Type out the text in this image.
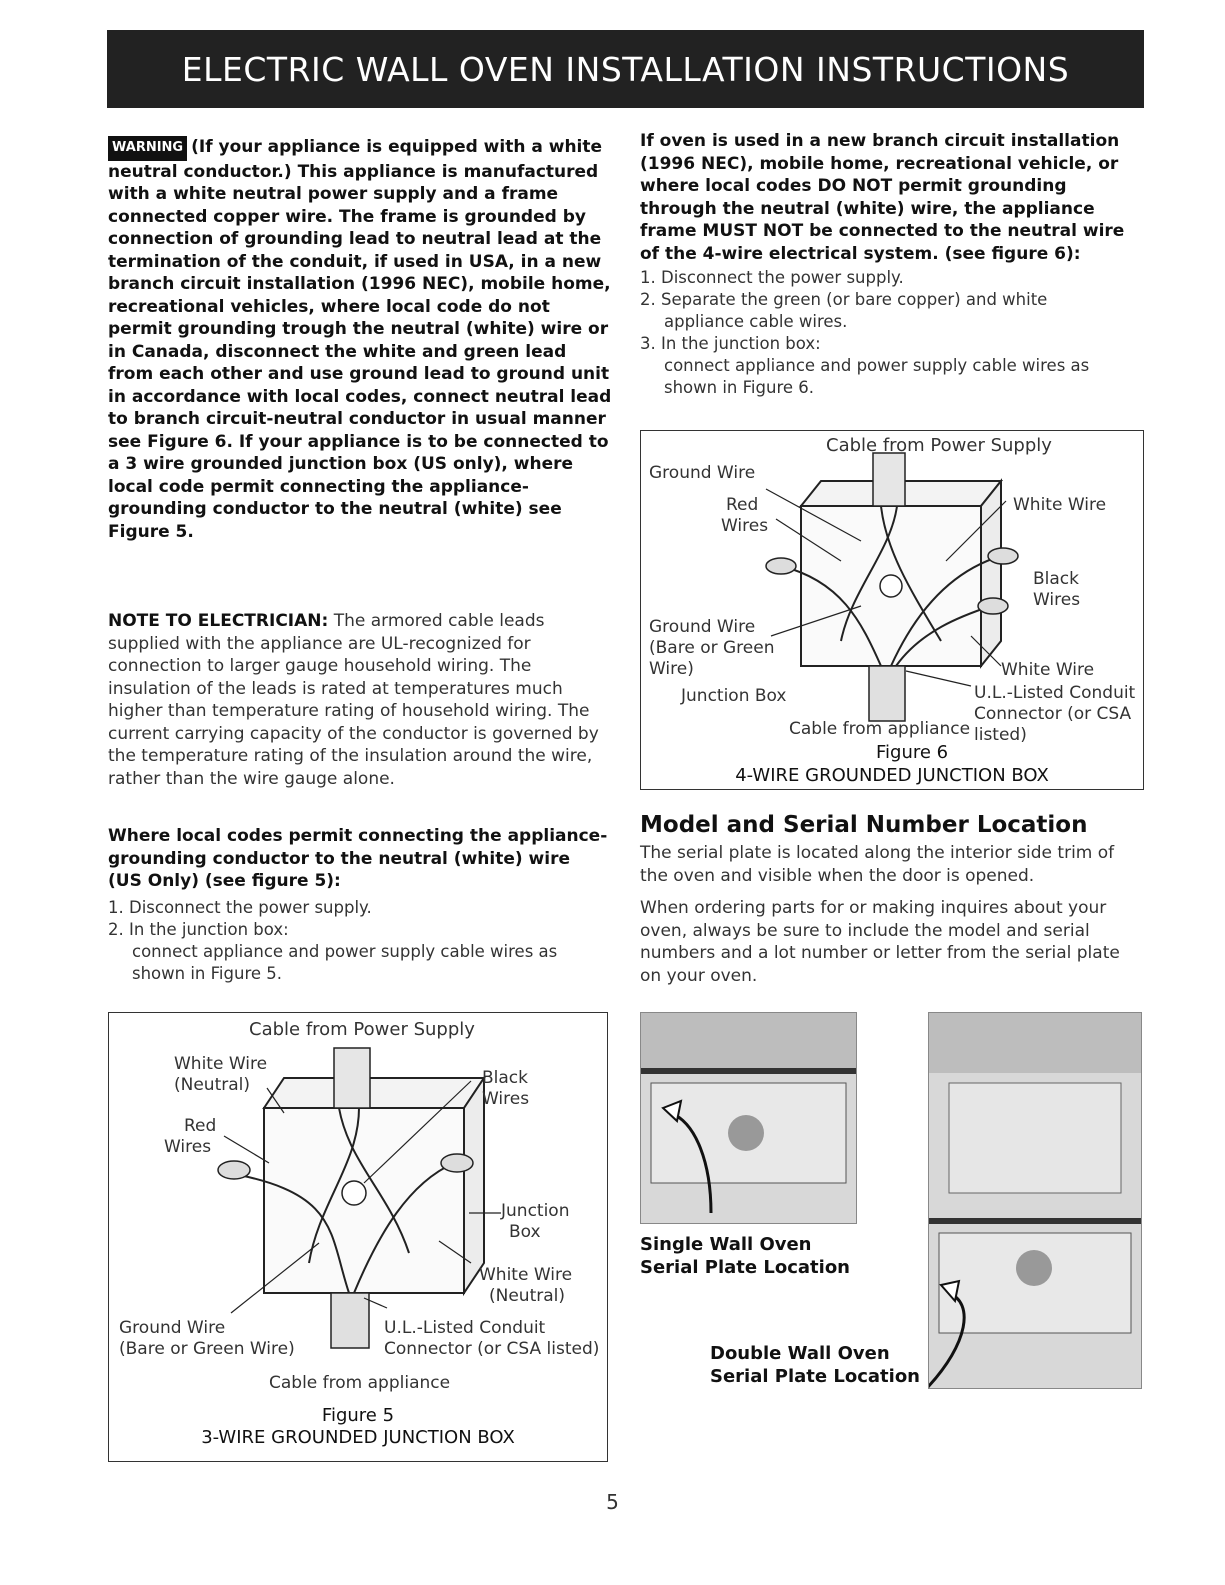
ELECTRIC WALL OVEN INSTALLATION INSTRUCTIONS
WARNING (If your appliance is equipped with a white neutral conductor.) This appliance is manufactured with a white neutral power supply and a frame connected copper wire. The frame is grounded by connection of grounding lead to neutral lead at the termination of the conduit, if used in USA, in a new branch circuit installation (1996 NEC), mobile home, recreational vehicles, where local code do not permit grounding trough the neutral (white) wire or in Canada, disconnect the white and green lead from each other and use ground lead to ground unit in accordance with local codes, connect neutral lead to branch circuit-neutral conductor in usual manner see Figure 6. If your appliance is to be connected to a 3 wire grounded junction box (US only), where local code permit connecting the appliance-grounding conductor to the neutral (white) see Figure 5.
NOTE TO ELECTRICIAN: The armored cable leads supplied with the appliance are UL-recognized for connection to larger gauge household wiring. The insulation of the leads is rated at temperatures much higher than temperature rating of household wiring. The current carrying capacity of the conductor is governed by the temperature rating of the insulation around the wire, rather than the wire gauge alone.
Where local codes permit connecting the appliance-grounding conductor to the neutral (white) wire (US Only) (see figure 5):
1. Disconnect the power supply.
2. In the junction box:
connect appliance and power supply cable wires as shown in Figure 5.
Cable from Power Supply
White Wire
(Neutral)
Red
Wires
Black
Wires
Junction
Box
White Wire
(Neutral)
Ground Wire
(Bare or Green Wire)
U.L.-Listed Conduit
Connector (or CSA listed)
Cable from appliance
Figure 5
3-WIRE GROUNDED JUNCTION BOX
If oven is used in a new branch circuit installation (1996 NEC), mobile home, recreational vehicle, or where local codes DO NOT permit grounding through the neutral (white) wire, the appliance frame MUST NOT be connected to the neutral wire of the 4-wire electrical system. (see figure 6):
1. Disconnect the power supply.
2. Separate the green (or bare copper) and white
appliance cable wires.
3. In the junction box:
connect appliance and power supply cable wires as
shown in Figure 6.
Cable from Power Supply
Ground Wire
Red
Wires
White Wire
Black
Wires
Ground Wire
(Bare or Green
Wire)	White Wire
Junction Box	U.L.-Listed Conduit
Connector (or CSA
Cable from appliance listed)
Figure 6
4-WIRE GROUNDED JUNCTION BOX
Model and Serial Number Location
The serial plate is located along the interior side trim of the oven and visible when the door is opened.
When ordering parts for or making inquires about your oven, always be sure to include the model and serial numbers and a lot number or letter from the serial plate on your oven.
Single Wall Oven
Serial Plate Location
Double Wall Oven
Serial Plate Location
5
